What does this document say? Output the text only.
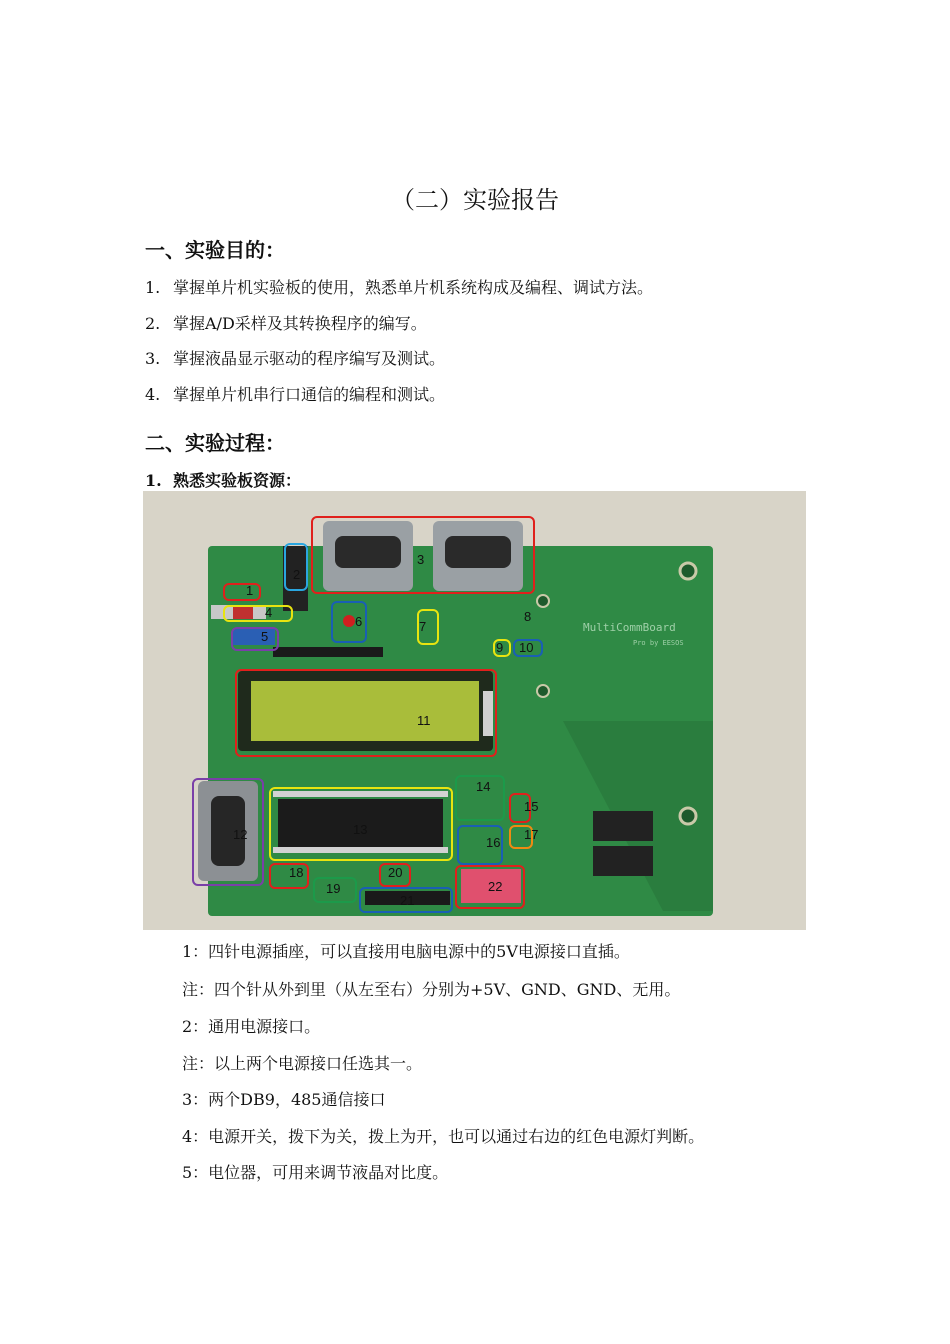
（二）实验报告
一、实验目的：
1. 掌握单片机实验板的使用，熟悉单片机系统构成及编程、调试方法。
2. 掌握A/D采样及其转换程序的编写。
3. 掌握液晶显示驱动的程序编写及测试。
4. 掌握单片机串行口通信的编程和测试。
二、实验过程：
1. 熟悉实验板资源：
MultiCommBoard
Pro by EESOS
1
2
3
4
5
6	7
8
9 10
11
12	13
14
15
16
17
18
19
20
21
22
1：四针电源插座，可以直接用电脑电源中的5V电源接口直插。
注：四个针从外到里（从左至右）分别为+5V、GND、GND、无用。
2：通用电源接口。
注：以上两个电源接口任选其一。
3：两个DB9，485通信接口
4：电源开关，拨下为关，拨上为开，也可以通过右边的红色电源灯判断。
5：电位器，可用来调节液晶对比度。
